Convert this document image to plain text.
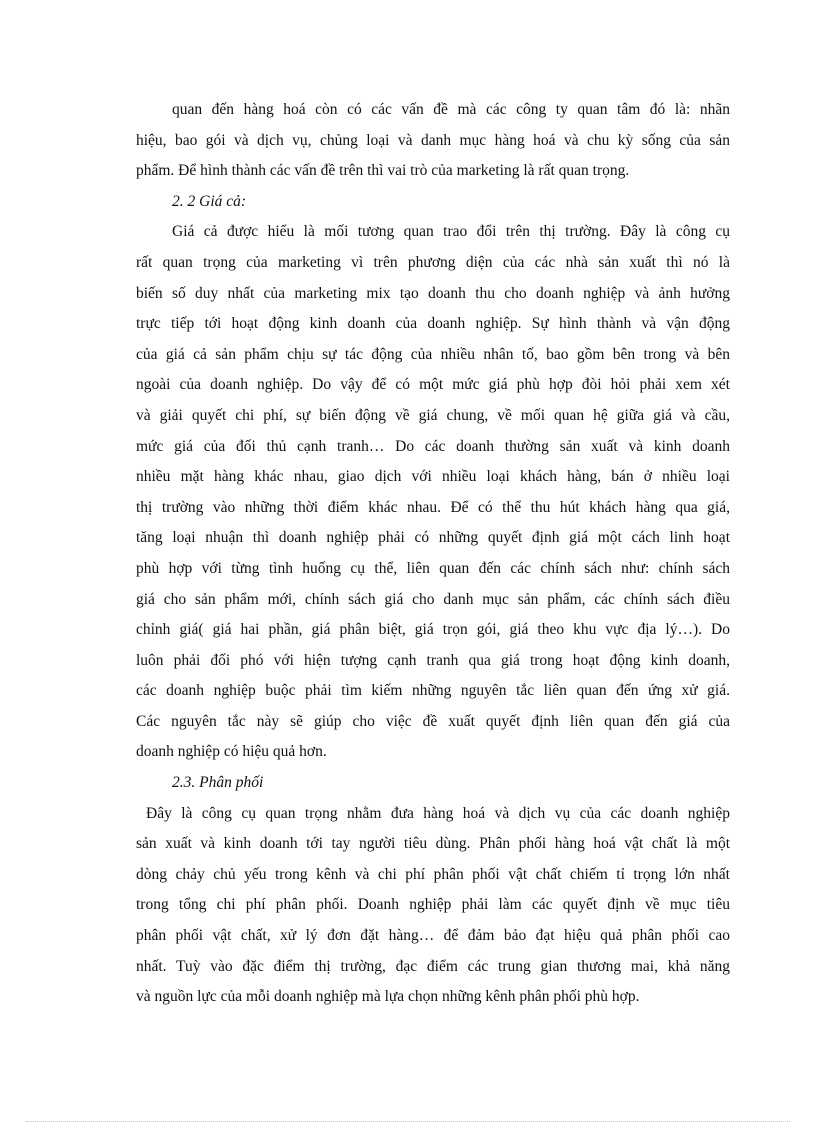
quan đến hàng hoá còn có các vấn đề mà các công ty quan tâm đó là: nhãn
hiệu, bao gói và dịch vụ, chủng loại và danh mục hàng hoá và chu kỳ sống của sản
phẩm. Để hình thành các vấn đề trên thì vai trò của marketing là rất quan trọng.
2. 2 Giá cả:
Giá cả được hiểu là mối tương quan trao đổi trên thị trường. Đây là công cụ
rất quan trọng của marketing vì trên phương diện của các nhà sản xuất thì nó là
biến số duy nhất của marketing mix tạo doanh thu cho doanh nghiệp và ảnh hưởng
trực tiếp tới hoạt động kinh doanh của doanh nghiệp. Sự hình thành và vận động
của giá cả sản phẩm chịu sự tác động của nhiều nhân tố, bao gồm bên trong và bên
ngoài của doanh nghiệp. Do vậy để có một mức giá phù hợp đòi hỏi phải xem xét
và giải quyết chi phí, sự biến động về giá chung, về mối quan hệ giữa giá và cầu,
mức giá của đối thủ cạnh tranh… Do các doanh thường sản xuất và kinh doanh
nhiều mặt hàng khác nhau, giao dịch với nhiều loại khách hàng, bán ở nhiều loại
thị trường vào những thời điểm khác nhau. Để có thể thu hút khách hàng qua giá,
tăng loại nhuận thì doanh nghiệp phải có những quyết định giá một cách linh hoạt
phù hợp với từng tình huống cụ thể, liên quan đến các chính sách như: chính sách
giá cho sản phẩm mới, chính sách giá cho danh mục sản phẩm, các chính sách điều
chỉnh giá( giá hai phần, giá phân biệt, giá trọn gói, giá theo khu vực địa lý…). Do
luôn phải đối phó với hiện tượng cạnh tranh qua giá trong hoạt động kinh doanh,
các doanh nghiệp buộc phải tìm kiếm những nguyên tắc liên quan đến ứng xử giá.
Các nguyên tắc này sẽ giúp cho việc đề xuất quyết định liên quan đến giá của
doanh nghiệp có hiệu quả hơn.
2.3. Phân phối
Đây là công cụ quan trọng nhằm đưa hàng hoá và dịch vụ của các doanh nghiệp
sản xuất và kinh doanh tới tay người tiêu dùng. Phân phối hàng hoá vật chất là một
dòng chảy chủ yếu trong kênh và chi phí phân phối vật chất chiếm tỉ trọng lớn nhất
trong tổng chi phí phân phối. Doanh nghiệp phải làm các quyết định về mục tiêu
phân phối vật chất, xử lý đơn đặt hàng… để đảm bảo đạt hiệu quả phân phối cao
nhất. Tuỳ vào đặc điểm thị trường, đạc điểm các trung gian thương mai, khả năng
và nguồn lực của mỗi doanh nghiệp mà lựa chọn những kênh phân phối phù hợp.
